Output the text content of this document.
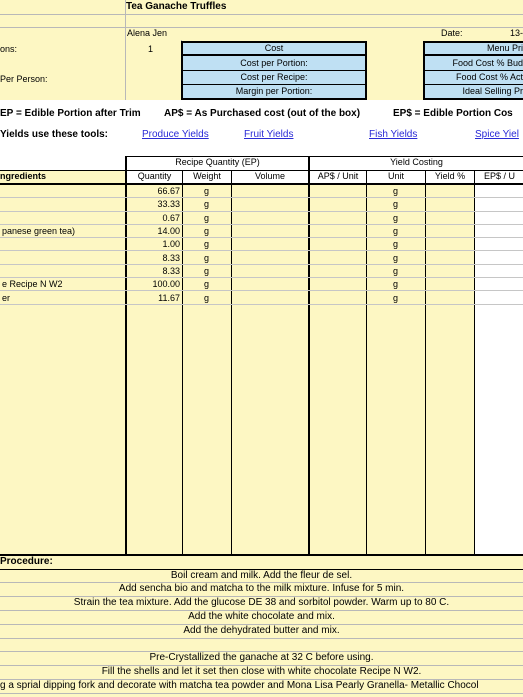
Tea Ganache Truffles
Alena Jen	Date:	13-
ons:	1
Per Person:
Cost
Cost per Portion:
Cost per Recipe:
Margin per Portion:
Menu Pri
Food Cost % Bud
Food Cost % Act
Ideal Selling Pr
EP = Edible Portion after Trim	AP$ = As Purchased cost (out of the box)	EP$ = Edible Portion Cos
Yields use these tools:	Produce Yields	Fruit Yields	Fish Yields	Spice Yiel
Recipe Quantity (EP)	Yield Costing
ngredients	Quantity	Weight	Volume	AP$ / Unit	Unit	Yield %	EP$ / U
	66.67	g			g		
	33.33	g			g		
	0.67	g			g		
panese green tea)	14.00	g			g		
	1.00	g			g		
	8.33	g			g		
	8.33	g			g		
e Recipe N W2	100.00	g			g		
er	11.67	g			g		
Procedure:
Boil cream and milk. Add the fleur de sel.
Add sencha bio and matcha to the milk mixture. Infuse for 5 min.
Strain the tea mixture. Add the glucose DE 38 and sorbitol powder. Warm up to 80 C.
Add the white chocolate and mix.
Add the dehydrated butter and mix.
Pre-Crystallized the ganache at 32 C before using.
Fill the shells and let it set then close with white chocolate Recipe N W2.
g a sprial dipping fork and decorate with matcha tea powder and Mona Lisa Pearly Granella- Metallic Chocol
